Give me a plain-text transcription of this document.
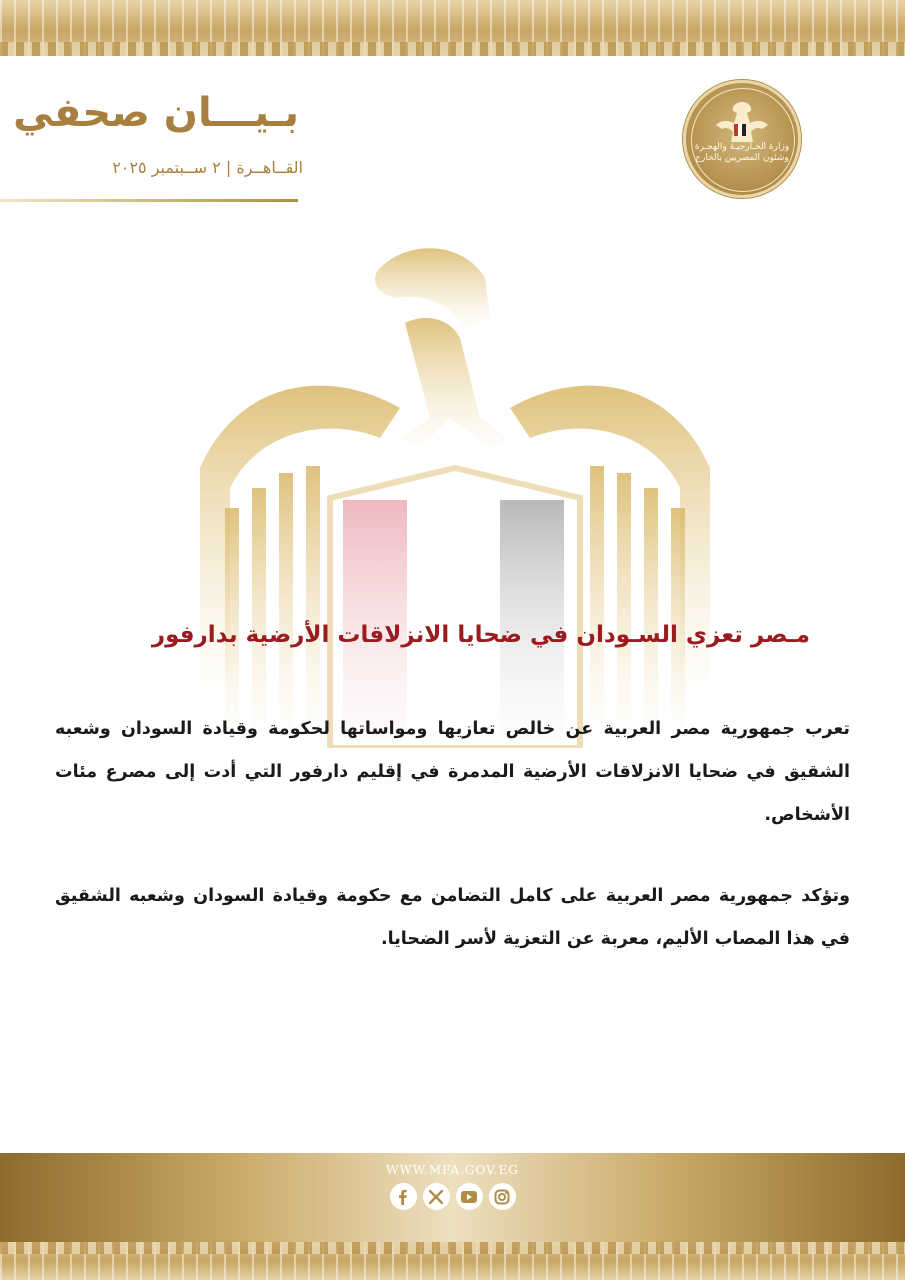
وزارة الخـارجيـة والهجـرة وشئون المصريين بالخارج
بـيـــان صحفي
القــاهــرة | ٢ ســبتمبر ٢٠٢٥
مـصر تعزي السـودان في ضحايا الانزلاقات الأرضية بدارفور
تعرب جمهورية مصر العربية عن خالص تعازيها ومواساتها لحكومة وقيادة السودان وشعبه الشقيق في ضحايا الانزلاقات الأرضية المدمرة في إقليم دارفور التي أدت إلى مصرع مئات الأشخاص.
وتؤكد جمهورية مصر العربية على كامل التضامن مع حكومة وقيادة السودان وشعبه الشقيق في هذا المصاب الأليم، معربة عن التعزية لأسر الضحايا.
WWW.MFA.GOV.EG
